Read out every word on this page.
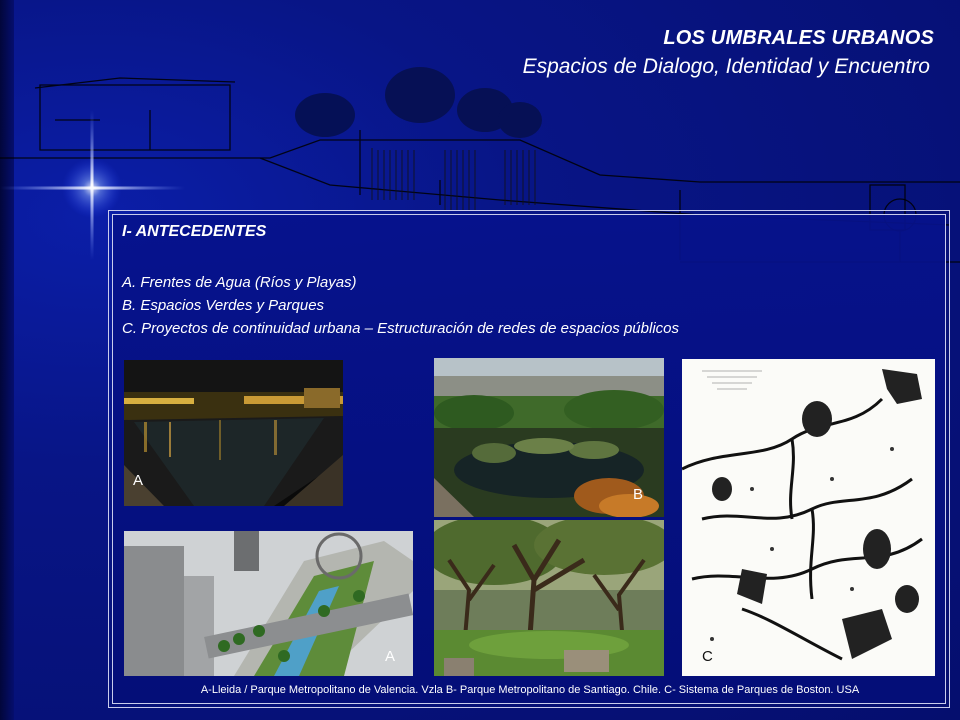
LOS UMBRALES URBANOS
Espacios de Dialogo, Identidad y Encuentro
I- ANTECEDENTES
A. Frentes de Agua (Ríos y Playas)
B. Espacios Verdes y Parques
C. Proyectos de continuidad urbana – Estructuración de redes de espacios públicos
A
B
A	C
A-Lleida / Parque Metropolitano de Valencia. Vzla B- Parque Metropolitano de Santiago. Chile. C- Sistema de Parques de Boston. USA
